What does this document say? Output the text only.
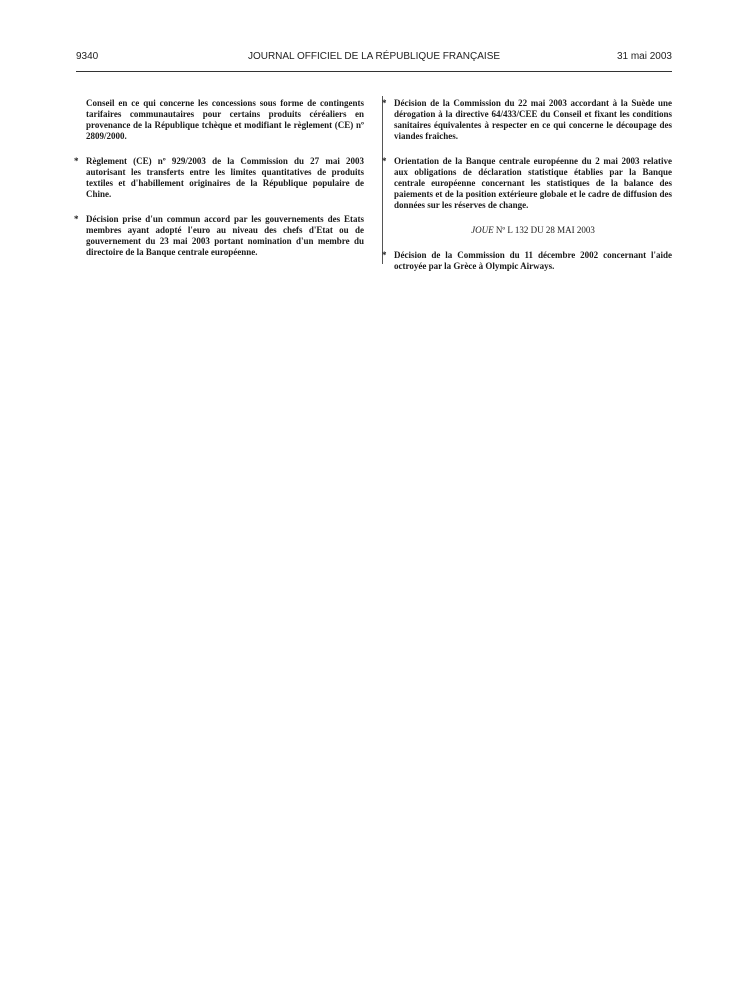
9340	JOURNAL OFFICIEL DE LA RÉPUBLIQUE FRANÇAISE	31 mai 2003
Conseil en ce qui concerne les concessions sous forme de contingents tarifaires communautaires pour certains produits céréaliers en provenance de la République tchèque et modifiant le règlement (CE) nº 2809/2000.
* Règlement (CE) nº 929/2003 de la Commission du 27 mai 2003 autorisant les transferts entre les limites quantitatives de produits textiles et d'habillement originaires de la République populaire de Chine.
* Décision prise d'un commun accord par les gouvernements des Etats membres ayant adopté l'euro au niveau des chefs d'Etat ou de gouvernement du 23 mai 2003 portant nomination d'un membre du directoire de la Banque centrale européenne.
* Décision de la Commission du 22 mai 2003 accordant à la Suède une dérogation à la directive 64/433/CEE du Conseil et fixant les conditions sanitaires équivalentes à respecter en ce qui concerne le découpage des viandes fraîches.
* Orientation de la Banque centrale européenne du 2 mai 2003 relative aux obligations de déclaration statistique établies par la Banque centrale européenne concernant les statistiques de la balance des paiements et de la position extérieure globale et le cadre de diffusion des données sur les réserves de change.
JOUE Nº L 132 DU 28 MAI 2003
* Décision de la Commission du 11 décembre 2002 concernant l'aide octroyée par la Grèce à Olympic Airways.
